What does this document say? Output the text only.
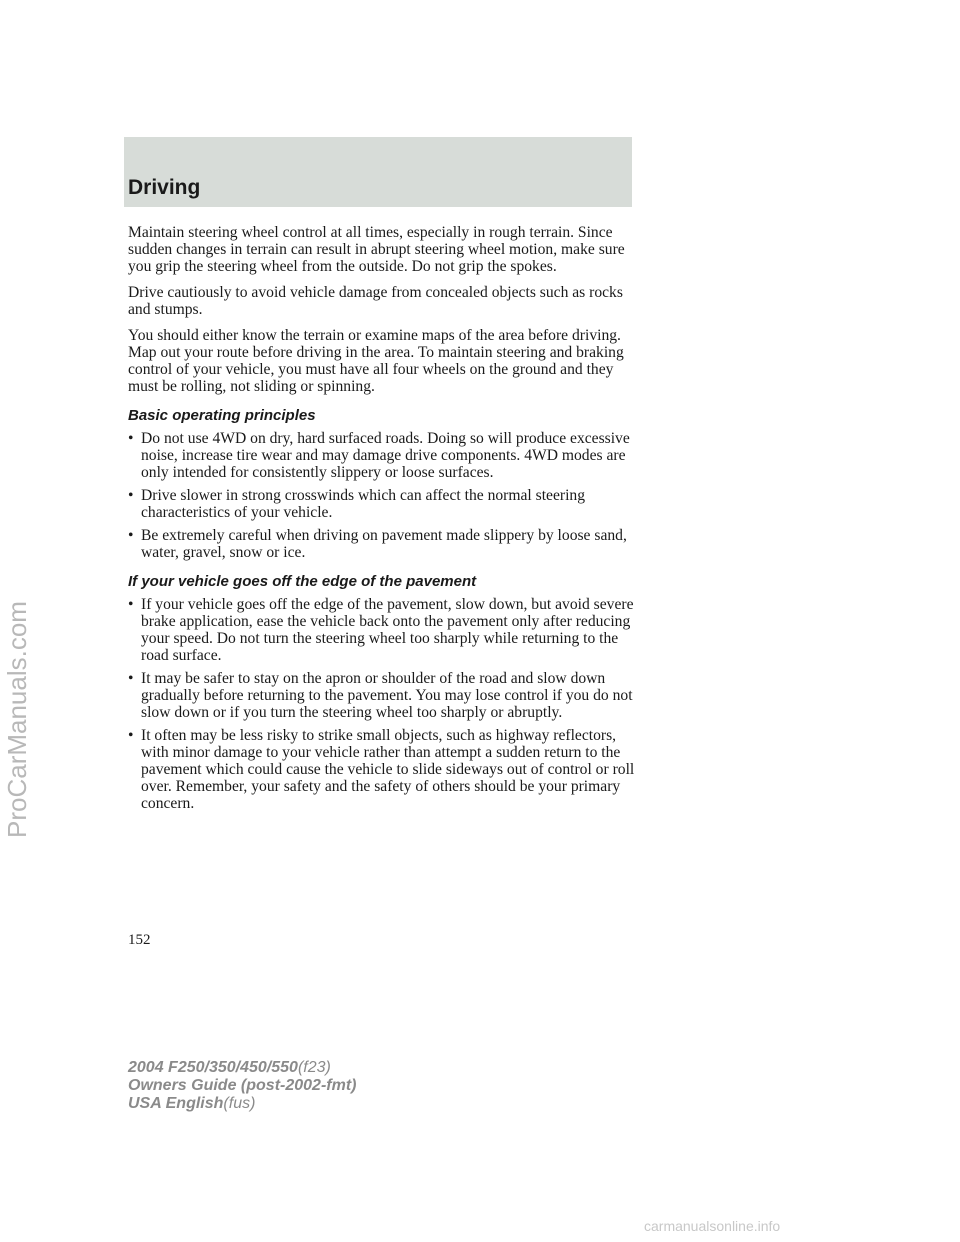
Driving

Maintain steering wheel control at all times, especially in rough terrain. Since sudden changes in terrain can result in abrupt steering wheel motion, make sure you grip the steering wheel from the outside. Do not grip the spokes.

Drive cautiously to avoid vehicle damage from concealed objects such as rocks and stumps.

You should either know the terrain or examine maps of the area before driving. Map out your route before driving in the area. To maintain steering and braking control of your vehicle, you must have all four wheels on the ground and they must be rolling, not sliding or spinning.

Basic operating principles
• Do not use 4WD on dry, hard surfaced roads. Doing so will produce excessive noise, increase tire wear and may damage drive components. 4WD modes are only intended for consistently slippery or loose surfaces.
• Drive slower in strong crosswinds which can affect the normal steering characteristics of your vehicle.
• Be extremely careful when driving on pavement made slippery by loose sand, water, gravel, snow or ice.
If your vehicle goes off the edge of the pavement
• If your vehicle goes off the edge of the pavement, slow down, but avoid severe brake application, ease the vehicle back onto the pavement only after reducing your speed. Do not turn the steering wheel too sharply while returning to the road surface.
• It may be safer to stay on the apron or shoulder of the road and slow down gradually before returning to the pavement. You may lose control if you do not slow down or if you turn the steering wheel too sharply or abruptly.
• It often may be less risky to strike small objects, such as highway reflectors, with minor damage to your vehicle rather than attempt a sudden return to the pavement which could cause the vehicle to slide sideways out of control or roll over. Remember, your safety and the safety of others should be your primary concern.
152
2004 F250/350/450/550(f23)
Owners Guide (post-2002-fmt)
USA English(fus)
ProCarManuals.com
carmanualsonline.info
